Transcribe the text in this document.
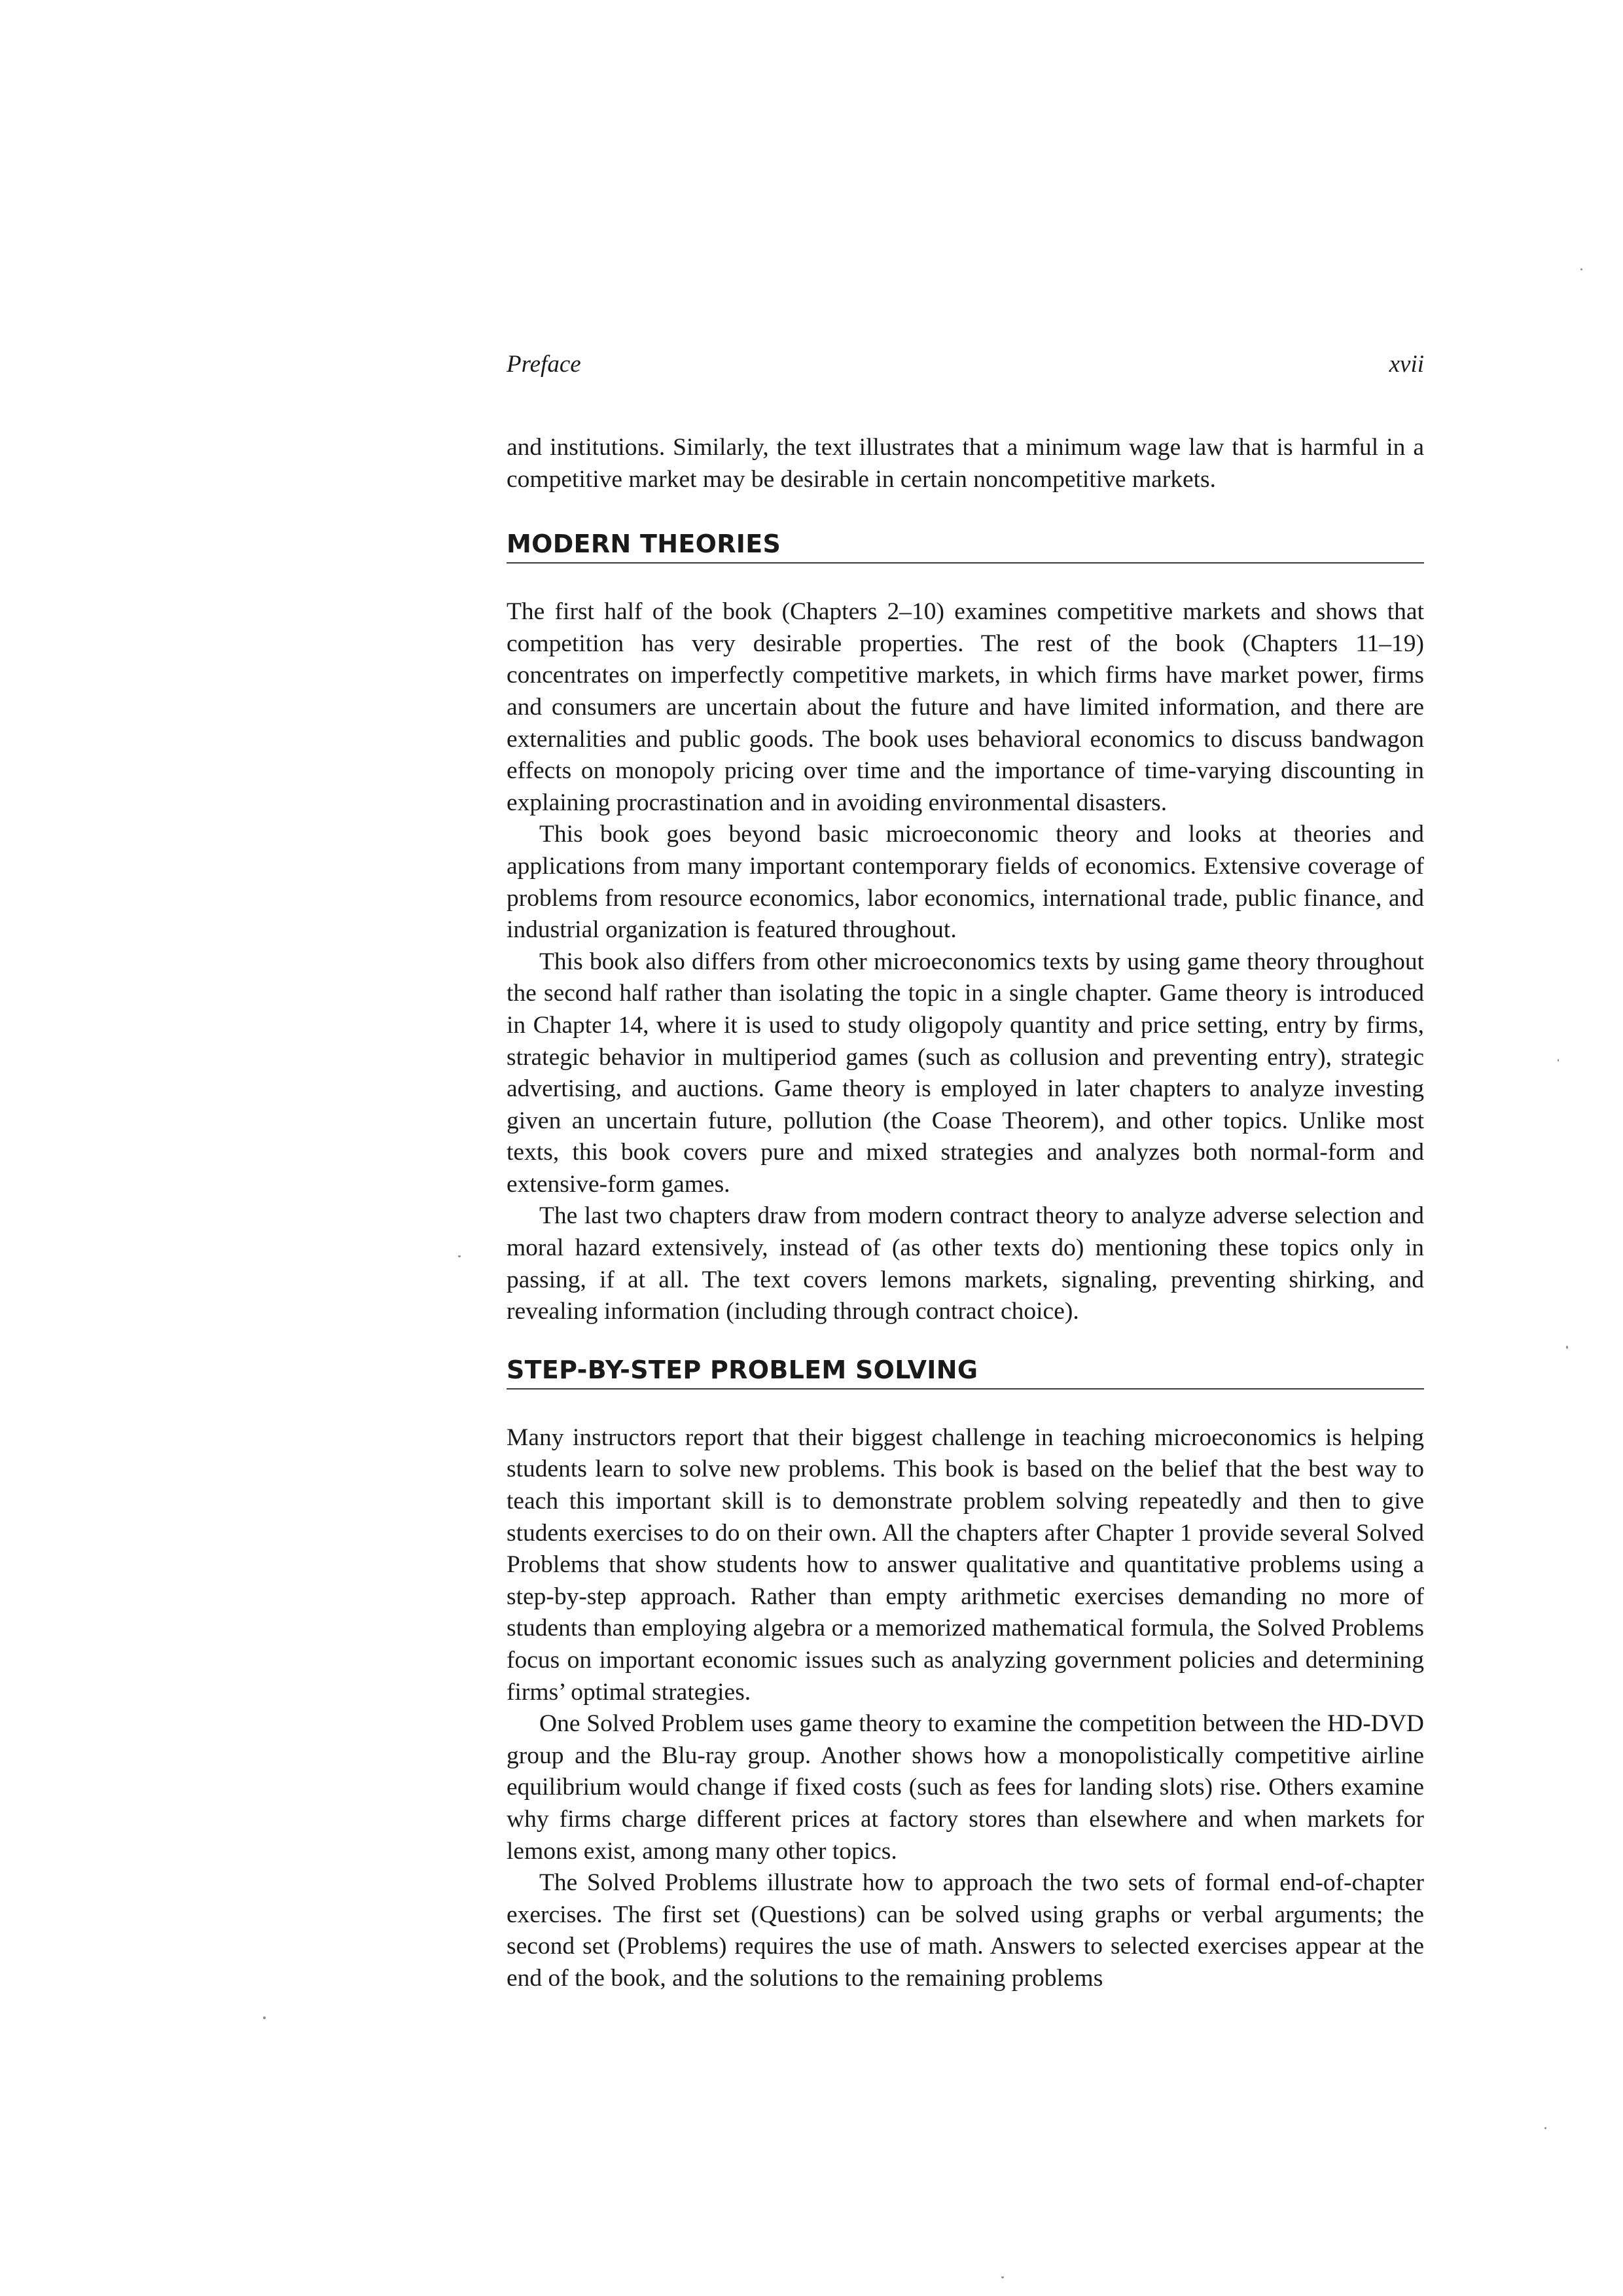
Preface	xvii

and institutions. Similarly, the text illustrates that a minimum wage law that is harmful in a competitive market may be desirable in certain noncompetitive markets.

MODERN THEORIES

The first half of the book (Chapters 2–10) examines competitive markets and shows that competition has very desirable properties. The rest of the book (Chapters 11–19) concentrates on imperfectly competitive markets, in which firms have market power, firms and consumers are uncertain about the future and have limited information, and there are externalities and public goods. The book uses behavioral economics to discuss bandwagon effects on monopoly pricing over time and the importance of time-varying discounting in explaining procrastination and in avoiding environmental disasters.

This book goes beyond basic microeconomic theory and looks at theories and applications from many important contemporary fields of economics. Extensive coverage of problems from resource economics, labor economics, international trade, public finance, and industrial organization is featured throughout.

This book also differs from other microeconomics texts by using game theory throughout the second half rather than isolating the topic in a single chapter. Game theory is introduced in Chapter 14, where it is used to study oligopoly quantity and price setting, entry by firms, strategic behavior in multiperiod games (such as collusion and preventing entry), strategic advertising, and auctions. Game theory is employed in later chapters to analyze investing given an uncertain future, pollution (the Coase Theorem), and other topics. Unlike most texts, this book covers pure and mixed strategies and analyzes both normal-form and extensive-form games.

The last two chapters draw from modern contract theory to analyze adverse selection and moral hazard extensively, instead of (as other texts do) mentioning these topics only in passing, if at all. The text covers lemons markets, signaling, preventing shirking, and revealing information (including through contract choice).

STEP-BY-STEP PROBLEM SOLVING

Many instructors report that their biggest challenge in teaching microeconomics is helping students learn to solve new problems. This book is based on the belief that the best way to teach this important skill is to demonstrate problem solving repeatedly and then to give students exercises to do on their own. All the chapters after Chapter 1 provide several Solved Problems that show students how to answer qualitative and quantitative problems using a step-by-step approach. Rather than empty arithmetic exercises demanding no more of students than employing algebra or a memorized mathematical formula, the Solved Problems focus on important economic issues such as analyzing government policies and determining firms’ optimal strategies.

One Solved Problem uses game theory to examine the competition between the HD-DVD group and the Blu-ray group. Another shows how a monopolistically competitive airline equilibrium would change if fixed costs (such as fees for landing slots) rise. Others examine why firms charge different prices at factory stores than elsewhere and when markets for lemons exist, among many other topics.

The Solved Problems illustrate how to approach the two sets of formal end-of-chapter exercises. The first set (Questions) can be solved using graphs or verbal arguments; the second set (Problems) requires the use of math. Answers to selected exercises appear at the end of the book, and the solutions to the remaining problems
